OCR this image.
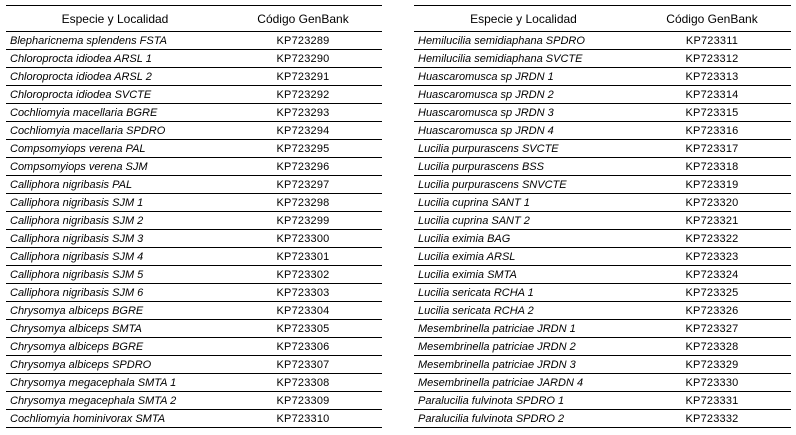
Especie y Localidad	Código GenBank
Blepharicnema splendens FSTA	KP723289
Chloroprocta idiodea ARSL 1	KP723290
Chloroprocta idiodea ARSL 2	KP723291
Chloroprocta idiodea SVCTE	KP723292
Cochliomyia macellaria BGRE	KP723293
Cochliomyia macellaria SPDRO	KP723294
Compsomyiops verena PAL	KP723295
Compsomyiops verena SJM	KP723296
Calliphora nigribasis PAL	KP723297
Calliphora nigribasis SJM 1	KP723298
Calliphora nigribasis SJM 2	KP723299
Calliphora nigribasis SJM 3	KP723300
Calliphora nigribasis SJM 4	KP723301
Calliphora nigribasis SJM 5	KP723302
Calliphora nigribasis SJM 6	KP723303
Chrysomya albiceps BGRE	KP723304
Chrysomya albiceps SMTA	KP723305
Chrysomya albiceps BGRE	KP723306
Chrysomya albiceps SPDRO	KP723307
Chrysomya megacephala SMTA 1	KP723308
Chrysomya megacephala SMTA 2	KP723309
Cochliomyia hominivorax SMTA	KP723310
Especie y Localidad	Código GenBank
Hemilucilia semidiaphana SPDRO	KP723311
Hemilucilia semidiaphana SVCTE	KP723312
Huascaromusca sp JRDN 1	KP723313
Huascaromusca sp JRDN 2	KP723314
Huascaromusca sp JRDN 3	KP723315
Huascaromusca sp JRDN 4	KP723316
Lucilia purpurascens SVCTE	KP723317
Lucilia purpurascens BSS	KP723318
Lucilia purpurascens SNVCTE	KP723319
Lucilia cuprina SANT 1	KP723320
Lucilia cuprina SANT 2	KP723321
Lucilia eximia BAG	KP723322
Lucilia eximia ARSL	KP723323
Lucilia eximia SMTA	KP723324
Lucilia sericata RCHA 1	KP723325
Lucilia sericata RCHA 2	KP723326
Mesembrinella patriciae JRDN 1	KP723327
Mesembrinella patriciae JRDN 2	KP723328
Mesembrinella patriciae JRDN 3	KP723329
Mesembrinella patriciae JARDN 4	KP723330
Paralucilia fulvinota SPDRO 1	KP723331
Paralucilia fulvinota SPDRO 2	KP723332
